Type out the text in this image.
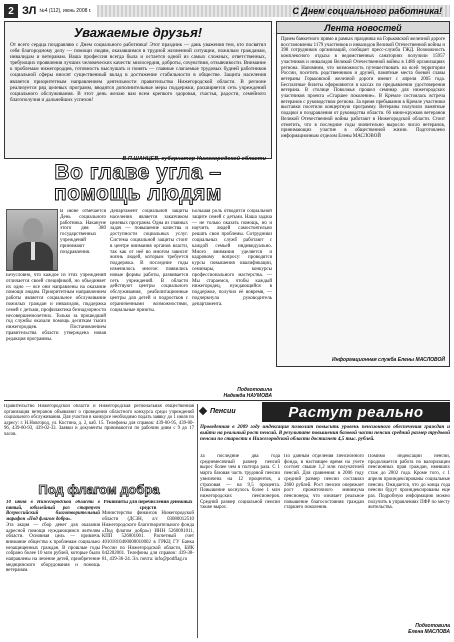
2 ЗЛ №4 (112), июнь 2008 г.	С Днем социального работника!
Уважаемые друзья!
От всего сердца поздравляю с Днем социального работника! Этот праздник — дань уважения тем, кто посвятил себя благородному делу — помощи людям, оказавшимся в трудной жизненной ситуации, пожилым гражданам, инвалидам и ветеранам. Ваша профессия всегда была и остается одной из самых сложных, ответственных, требующих проявления лучших человеческих качеств: милосердия, доброты, сочувствия, отзывчивости. Внимание к проблемам нижегородцев, готовность выслушать и понять — главные слагаемые трудовых будней работников социальной сферы вносят существенный вклад в достижение стабильности в обществе. Защита населения является приоритетным направлением деятельности правительства Нижегородской области. В регионе реализуется ряд целевых программ, вводятся дополнительные меры поддержки, расширяется сеть учреждений социального обслуживания. В этот день желаю вам всем крепкого здоровья, счастья, радости, семейного благополучия и дальнейших успехов!
В.П.ШАНЦЕВ, губернатор Нижегородской области
Лента новостей
Прием банкетного прямо в рамках праздника на Горьковской железной дороге восстановлены 1179 участников и инвалидов Великой Отечественной войны и 398 сотрудников организаций, сообщает пресс-служба ГЖД. Возможность комплексного отдыха в ведомственных санаториях получили 15957 участников и инвалидов Великой Отечественной войны в 1486 организациях региона. Напомним, что возможность путешествовать на всей территории России, посетить родственников и друзей, памятные места боевой славы ветераны Горьковской железной дороги имеют с апреля 2005 года. Бесплатные билеты оформляются в кассах по предъявлении удостоверения ветерана. В столице Поволжья прошел семинар для нижегородских участников проекта «Старшее поколение». В Кремле состоялась встреча ветеранов с руководством региона. За время пребывания в Кремле участники выставки посетили концертную программу. Ветераны получили памятные подарки и поздравления от руководства области. 66 мини-кружков ветеранов Великой Отечественной войны работают в Нижегородской области. Стоит отметить, что в последние годы значительно выросло число ветеранов, принимающих участие в общественной жизни. Подготовлено информационным отделом Елены МАСЛОВОЙ
Информационная служба Елены МАСЛОВОЙ
Во главе угла –
помощь людям
В июне отмечается День социального работника. Накануне этого дня 380 государственных учреждений принимают поздравления.
Безусловно, что каждое из этих учреждений отличается своей спецификой, но объединяет их одно — все они направлены на оказание помощи людям. Приоритетным направлением работы является социальное обслуживание пожилых граждан и инвалидов, поддержка семей с детьми, профилактика безнадзорности несовершеннолетних. Только за прошедший год службы оказали помощь десяткам тысяч нижегородцев. Постановлением правительства области утверждена новая редакция программы.
Департамент социальной защиты населения является заказчиком целевых программ. Одна из главных задач — повышение качества и доступности социальных услуг. Система социальной защиты стоит в центре внимания органов власти, так как от неё во многом зависит жизнь людей, которым требуется поддержка. В последние годы изменилось многое: появились новые формы работы, развивается сеть учреждений. В области действуют центры социального обслуживания, реабилитационные центры для детей и подростков с ограниченными возможностями, социальные приюты.
Большая роль отводится социальной защите семей с детьми. Наша задача — не только оказать помощь, но и научить людей самостоятельно решать свои проблемы. Сотрудники социальных служб работают с каждой семьей индивидуально. Много внимания уделяется и кадровому вопросу: проводятся курсы повышения квалификации, семинары, конкурсы профессионального мастерства. — Мы стараемся, чтобы каждый нижегородец, нуждающийся в поддержке, получил её вовремя, — подчеркнула руководитель департамента.
Подготовила
Надежда НАУМОВА
Правительство Нижегородской области и Нижегородская региональная общественная организация ветеранов объявляют о проведении областного конкурса среди учреждений социального обслуживания. Для участия в конкурсе необходимо подать заявку до 1 июля по адресу: г. Н.Новгород, ул. Костина, д. 2, каб. 15. Телефоны для справок: 439-00-95, 439-00-96, 439-00-93, 439-02-33. Заявки и документы принимаются по рабочим дням с 9 до 17 часов.
Под флагом добра
10 июня в Нижегородской области в пятый, юбилейный раз стартует Всероссийский благотворительный марафон «Под флагом добра».
Эта акция — сбор денег для оказания адресной помощи нуждающимся жителям области. Основная цель — привлечь внимание общества к проблемам социально незащищенных граждан. В прошлые годы собрано более 10 млн рублей, которые были направлены на лечение детей, приобретение медицинского оборудования и помощь ветеранам.
Реквизиты для перечисления денежных средств
Министерство финансов Нижегородской области (ДСЗН, л/с 03080012510 Нижегородского благотворительного фонда «Под флагом добра») ИНН 5260091011, КПП 526001001. Расчетный счет 40101810400000010002 в ГРКЦ ГУ Банка России по Нижегородской области, БИК 042202001. Телефоны для справок: 439-38-81, 439-36-24. Эл. почта: info@podflag.ru
Пенсии	Растут реально
Проведенная в 2009 году индексация позволит повысить уровень пенсионного обеспечения граждан и выйти на реальный рост пенсий. В результате повышения базовой части пенсии средний размер трудовой пенсии по старости в Нижегородской области достигнет 4,5 тыс. рублей.
За последние два года среднемесячный размер пенсий вырос более чем в полтора раза. С 1 марта базовая часть трудовой пенсии увеличена на 12 процентов, а страховая — на 9,5 процента. Повышение коснулось более 1 млн нижегородских пенсионеров. Средний размер социальной пенсии также вырос.
По данным отделения Пенсионного фонда, в настоящее время на учете состоят свыше 1,2 млн получателей пенсий. Для сравнения: в 2006 году средний размер пенсии составлял 2600 рублей. Рост пенсии опережает рост прожиточного минимума пенсионера, что означает реальное повышение благосостояния граждан старшего поколения.
Помимо индексации пенсий, продолжается работа по валоризации пенсионных прав граждан, имевших стаж до 2002 года. Кроме того, с 1 апреля проиндексированы социальные пенсии. Ожидается, что до конца года пенсии будут проиндексированы еще раз. Подробную информацию можно получить в управлениях ПФР по месту жительства.
Подготовила
Елена МАСЛОВА
